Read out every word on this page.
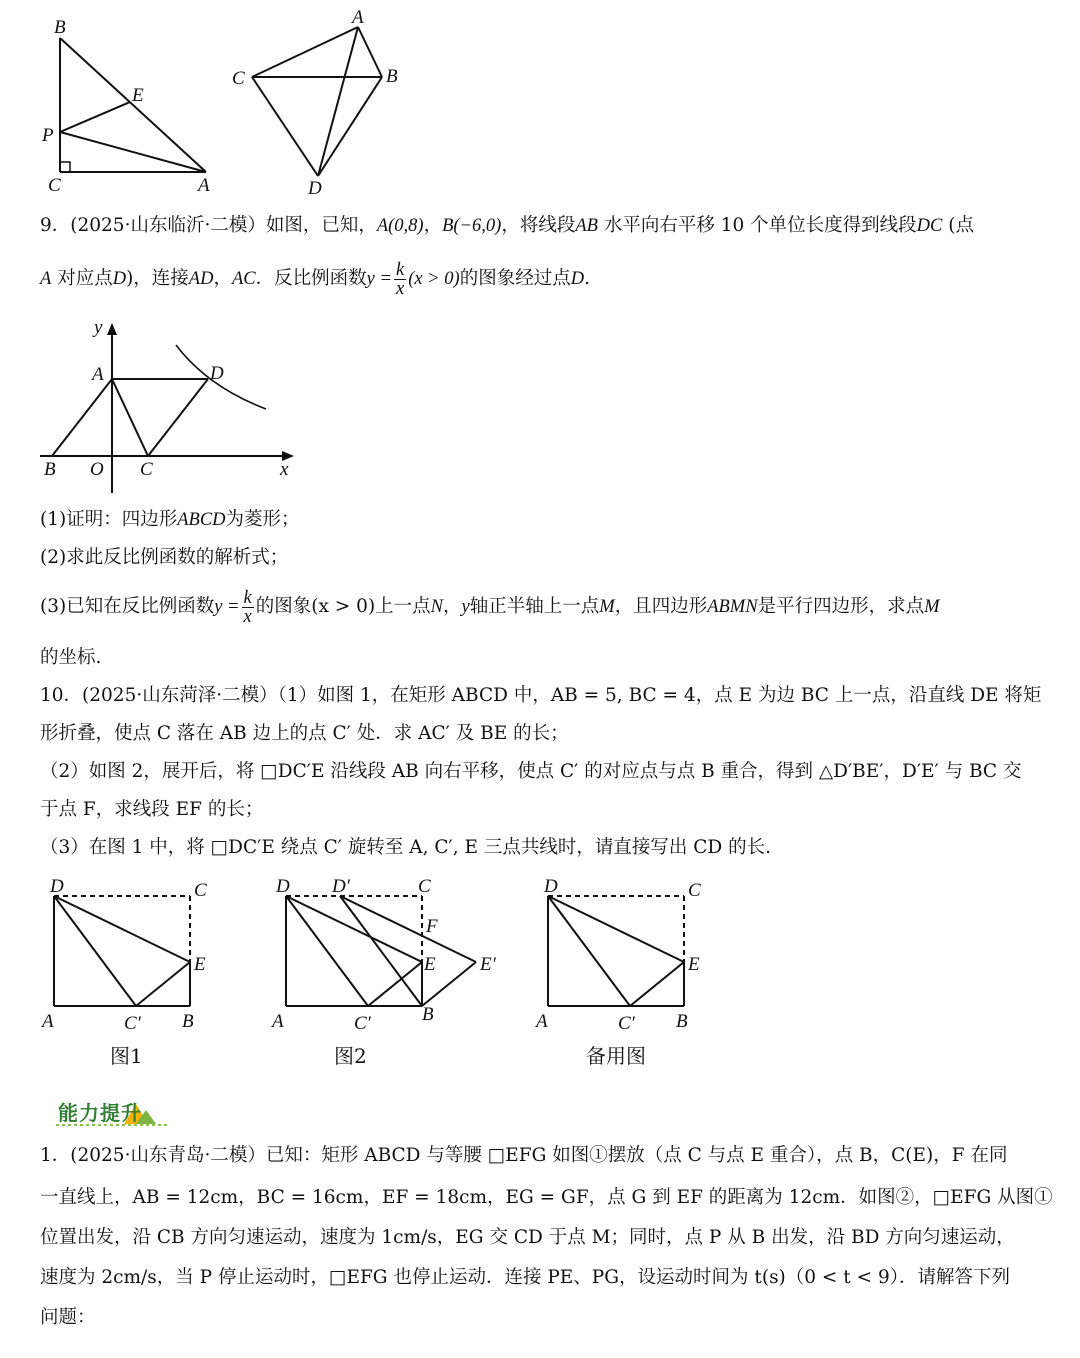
B
E
P
C	A
A
C	B
D
9．(2025·山东临沂·二模）如图，已知，A(0,8)，B(−6,0)，将线段AB 水平向右平移 10 个单位长度得到线段DC (点
A 对应点D)，连接AD，AC．反比例函数$y = \frac{k}{x} (x > 0)$的图象经过点D.
y
A	D
B O C	x
(1)证明：四边形ABCD为菱形；
(2)求此反比例函数的解析式；
(3)已知在反比例函数$y = \frac{k}{x}$ 的图象(x > 0)上一点N，y轴正半轴上一点M，且四边形ABMN是平行四边形，求点M
的坐标.
10．(2025·山东菏泽·二模）（1）如图 1，在矩形 ABCD 中，AB = 5, BC = 4，点 E 为边 BC 上一点，沿直线 DE 将矩
形折叠，使点 C 落在 AB 边上的点 C′ 处．求 AC′ 及 BE 的长；
（2）如图 2，展开后，将 □DC′E 沿线段 AB 向右平移，使点 C′ 的对应点与点 B 重合，得到 △D′BE′，D′E′ 与 BC 交
于点 F，求线段 EF 的长；
（3）在图 1 中，将 □DC′E 绕点 C′ 旋转至 A, C′, E 三点共线时，请直接写出 CD 的长.
D	C
E
A	C′ B
图1
D D′	C
F
E E′
A	C′	B
图2
D	C
E
A	C′ B
备用图
能力提升
1．(2025·山东青岛·二模）已知：矩形 ABCD 与等腰 □EFG 如图①摆放（点 C 与点 E 重合），点 B，C(E)，F 在同
一直线上，AB = 12cm，BC = 16cm，EF = 18cm，EG = GF，点 G 到 EF 的距离为 12cm．如图②，□EFG 从图①
位置出发，沿 CB 方向匀速运动，速度为 1cm/s，EG 交 CD 于点 M；同时，点 P 从 B 出发，沿 BD 方向匀速运动，
速度为 2cm/s，当 P 停止运动时，□EFG 也停止运动．连接 PE、PG，设运动时间为 t(s)（0 < t < 9）．请解答下列
问题：
